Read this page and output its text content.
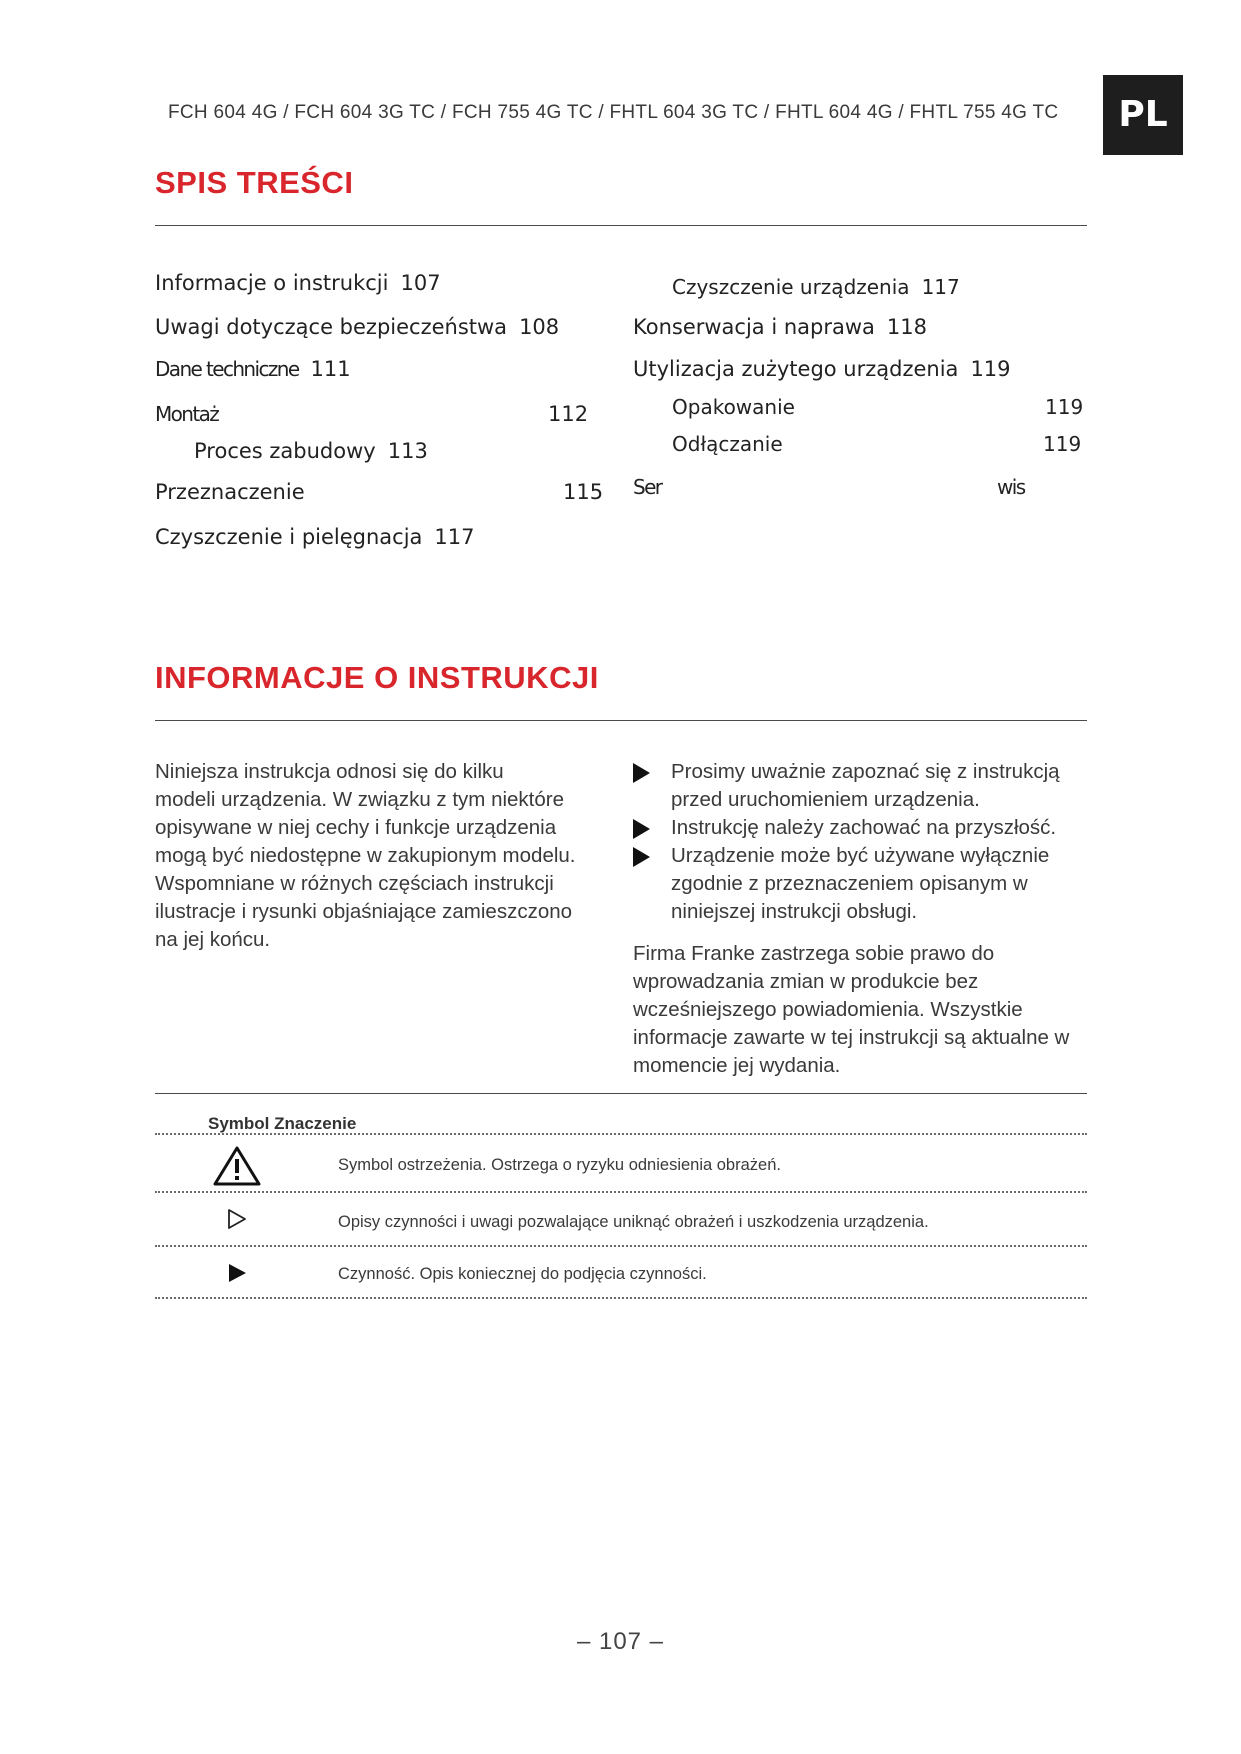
FCH 604 4G / FCH 604 3G TC / FCH 755 4G TC / FHTL 604 3G TC / FHTL 604 4G / FHTL 755 4G TC	PL
SPIS TREŚCI
Informacje o instrukcji 107
Uwagi dotyczące bezpieczeństwa 108
Dane techniczne 111
Montaż	112
Proces zabudowy 113
Przeznaczenie	115
Czyszczenie i pielęgnacja 117
Czyszczenie urządzenia 117
Konserwacja i naprawa 118
Utylizacja zużytego urządzenia 119
Opakowanie	119
Odłączanie	119
Ser	wis
INFORMACJE O INSTRUKCJI
Niniejsza instrukcja odnosi się do kilku
modeli urządzenia. W związku z tym niektóre
opisywane w niej cechy i funkcje urządzenia
mogą być niedostępne w zakupionym modelu.
Wspomniane w różnych częściach instrukcji
ilustracje i rysunki objaśniające zamieszczono
na jej końcu.
Prosimy uważnie zapoznać się z instrukcją przed uruchomieniem urządzenia.
Instrukcję należy zachować na przyszłość.
Urządzenie może być używane wyłącznie zgodnie z przeznaczeniem opisanym w niniejszej instrukcji obsługi.
Firma Franke zastrzega sobie prawo do
wprowadzania zmian w produkcie bez
wcześniejszego powiadomienia. Wszystkie
informacje zawarte w tej instrukcji są aktualne w
momencie jej wydania.
Symbol Znaczenie
Symbol ostrzeżenia. Ostrzega o ryzyku odniesienia obrażeń.
Opisy czynności i uwagi pozwalające uniknąć obrażeń i uszkodzenia urządzenia.
Czynność. Opis koniecznej do podjęcia czynności.
– 107 –
